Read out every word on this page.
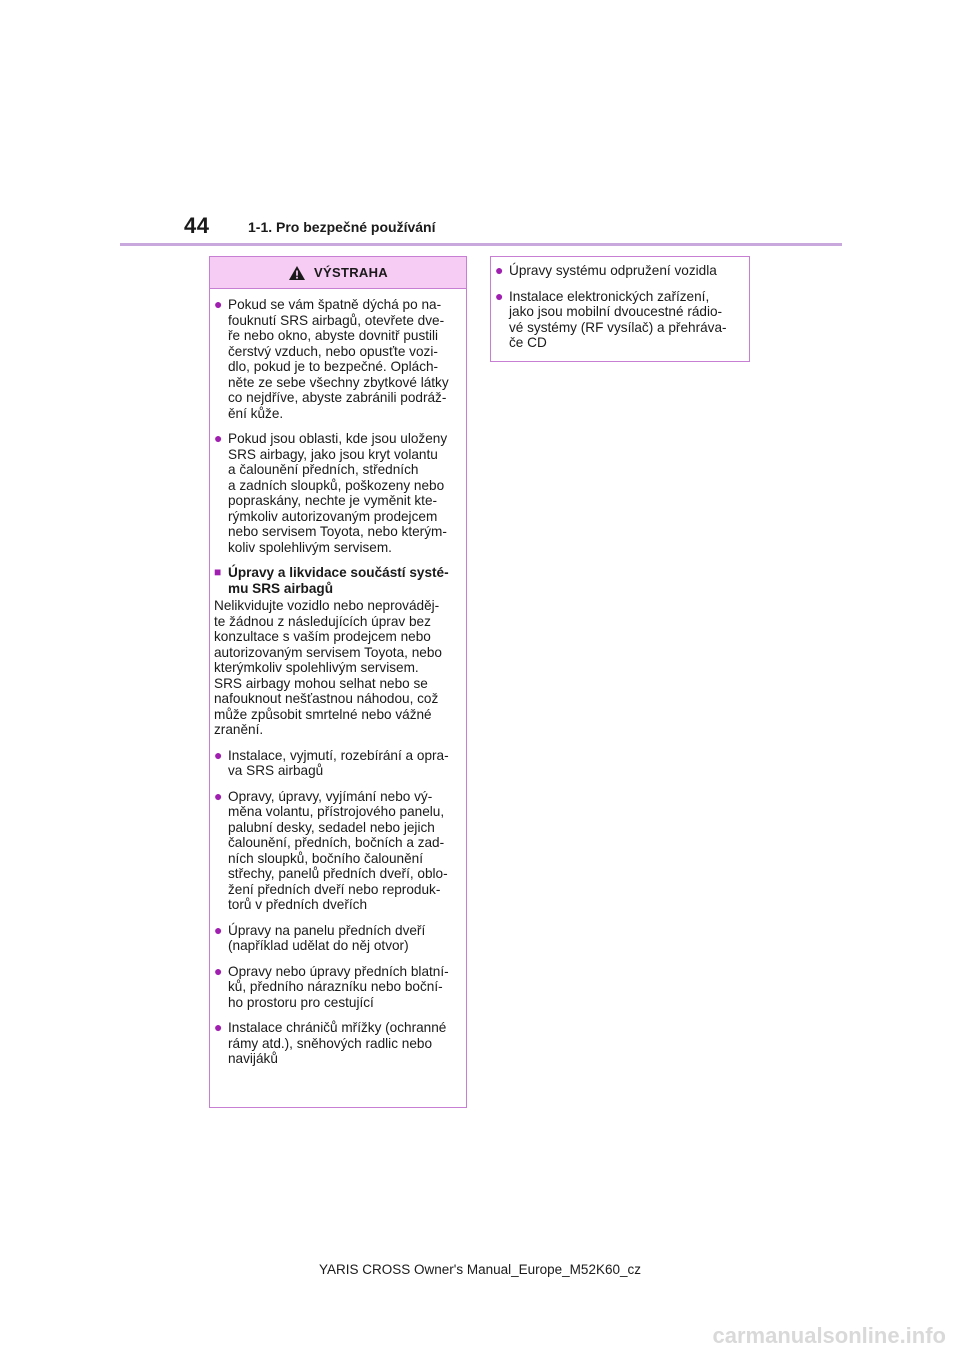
44	1-1. Pro bezpečné používání
VÝSTRAHA
● Pokud se vám špatně dýchá po na-
fouknutí SRS airbagů, otevřete dve-
ře nebo okno, abyste dovnitř pustili
čerstvý vzduch, nebo opusťte vozi-
dlo, pokud je to bezpečné. Oplách-
něte ze sebe všechny zbytkové látky
co nejdříve, abyste zabránili podráž-
ění kůže.
● Pokud jsou oblasti, kde jsou uloženy
SRS airbagy, jako jsou kryt volantu
a čalounění předních, středních
a zadních sloupků, poškozeny nebo
popraskány, nechte je vyměnit kte-
rýmkoliv autorizovaným prodejcem
nebo servisem Toyota, nebo kterým-
koliv spolehlivým servisem.
■ Úpravy a likvidace součástí systé-
mu SRS airbagů
Nelikvidujte vozidlo nebo neprováděj-
te žádnou z následujících úprav bez
konzultace s vaším prodejcem nebo
autorizovaným servisem Toyota, nebo
kterýmkoliv spolehlivým servisem.
SRS airbagy mohou selhat nebo se
nafouknout nešťastnou náhodou, což
může způsobit smrtelné nebo vážné
zranění.
● Instalace, vyjmutí, rozebírání a opra-
va SRS airbagů
● Opravy, úpravy, vyjímání nebo vý-
měna volantu, přístrojového panelu,
palubní desky, sedadel nebo jejich
čalounění, předních, bočních a zad-
ních sloupků, bočního čalounění
střechy, panelů předních dveří, oblo-
žení předních dveří nebo reproduk-
torů v předních dveřích
● Úpravy na panelu předních dveří
(například udělat do něj otvor)
● Opravy nebo úpravy předních blatní-
ků, předního nárazníku nebo boční-
ho prostoru pro cestující
● Instalace chráničů mřížky (ochranné
rámy atd.), sněhových radlic nebo
navijáků
● Úpravy systému odpružení vozidla
● Instalace elektronických zařízení,
jako jsou mobilní dvoucestné rádio-
vé systémy (RF vysílač) a přehráva-
če CD
YARIS CROSS Owner's Manual_Europe_M52K60_cz
carmanualsonline.info
